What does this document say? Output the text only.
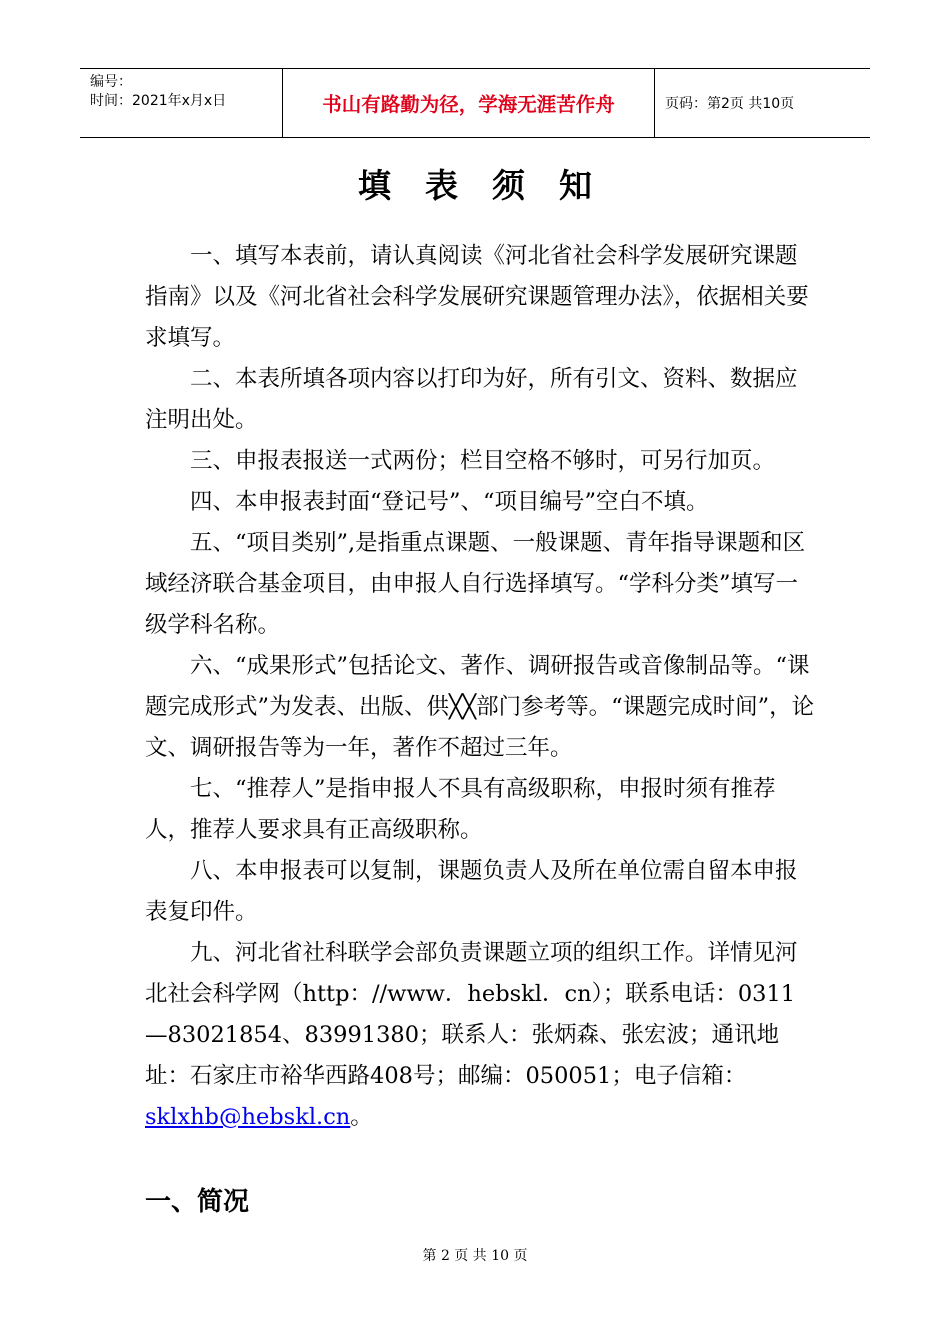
编号：
时间：2021年x月x日	书山有路勤为径，学海无涯苦作舟	页码：第2页 共10页
填表须知

一、填写本表前，请认真阅读《河北省社会科学发展研究课题指南》以及《河北省社会科学发展研究课题管理办法》，依据相关要求填写。

二、本表所填各项内容以打印为好，所有引文、资料、数据应注明出处。

三、申报表报送一式两份；栏目空格不够时，可另行加页。

四、本申报表封面“登记号”、“项目编号”空白不填。

五、“项目类别”,是指重点课题、一般课题、青年指导课题和区域经济联合基金项目，由申报人自行选择填写。“学科分类”填写一级学科名称。

六、“成果形式”包括论文、著作、调研报告或音像制品等。“课题完成形式”为发表、出版、供╳╳部门参考等。“课题完成时间”，论文、调研报告等为一年，著作不超过三年。

七、“推荐人”是指申报人不具有高级职称，申报时须有推荐人，推荐人要求具有正高级职称。

八、本申报表可以复制，课题负责人及所在单位需自留本申报表复印件。

九、河北省社科联学会部负责课题立项的组织工作。详情见河北社会科学网（http：//www．hebskl．cn）；联系电话：0311—83021854、83991380；联系人：张炳森、张宏波；通讯地址：石家庄市裕华西路408号；邮编：050051；电子信箱：
sklxhb@hebskl.cn。

一、简况
第 2 页 共 10 页
